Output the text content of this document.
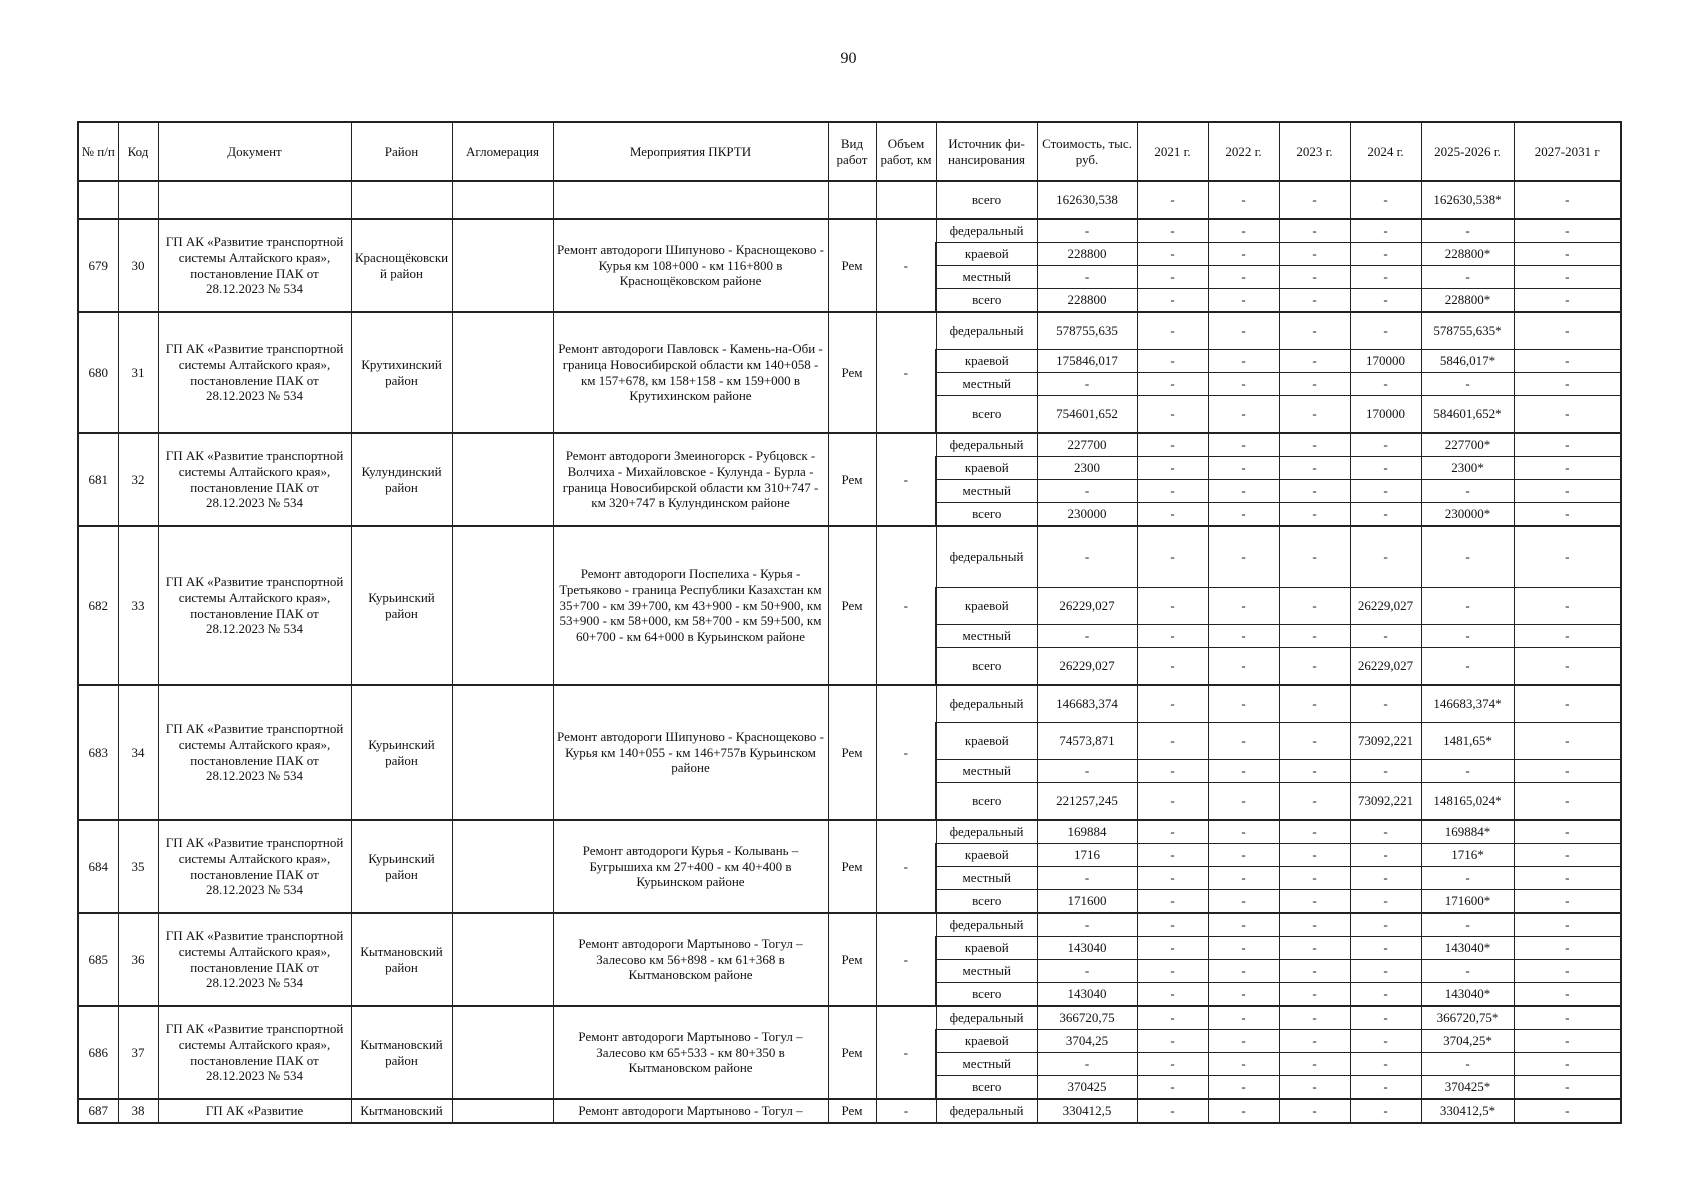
90
№ п/п	Код	Документ	Район	Агломерация	Мероприятия ПКРТИ	Вид работ	Объем работ, км	Источник фи-нансирования	Стоимость, тыс. руб.	2021 г.	2022 г.	2023 г.	2024 г.	2025-2026 г.	2027-2031 г
								всего	162630,538	-	-	-	-	162630,538*	-
679	30	ГП АК «Развитие транспортной системы Алтайского края», постановление ПАК от 28.12.2023 № 534	Краснощёковский район		Ремонт автодороги Шипуново - Краснощеково - Курья км 108+000 - км 116+800 в Краснощёковском районе	Рем	-	федеральный	-	-	-	-	-	-	-
								краевой	228800	-	-	-	-	228800*	-
								местный	-	-	-	-	-	-	-
								всего	228800	-	-	-	-	228800*	-
680	31	ГП АК «Развитие транспортной системы Алтайского края», постановление ПАК от 28.12.2023 № 534	Крутихинский район		Ремонт автодороги Павловск - Камень-на-Оби - граница Новосибирской области км 140+058 - км 157+678, км 158+158 - км 159+000 в Крутихинском районе	Рем	-	федеральный	578755,635	-	-	-	-	578755,635*	-
								краевой	175846,017	-	-	-	170000	5846,017*	-
								местный	-	-	-	-	-	-	-
								всего	754601,652	-	-	-	170000	584601,652*	-
681	32	ГП АК «Развитие транспортной системы Алтайского края», постановление ПАК от 28.12.2023 № 534	Кулундинский район		Ремонт автодороги Змеиногорск - Рубцовск - Волчиха - Михайловское - Кулунда - Бурла - граница Новосибирской области км 310+747 - км 320+747 в Кулундинском районе	Рем	-	федеральный	227700	-	-	-	-	227700*	-
								краевой	2300	-	-	-	-	2300*	-
								местный	-	-	-	-	-	-	-
								всего	230000	-	-	-	-	230000*	-
682	33	ГП АК «Развитие транспортной системы Алтайского края», постановление ПАК от 28.12.2023 № 534	Курьинский район		Ремонт автодороги Поспелиха - Курья - Третьяково - граница Республики Казахстан км 35+700 - км 39+700, км 43+900 - км 50+900, км 53+900 - км 58+000, км 58+700 - км 59+500, км 60+700 - км 64+000 в Курьинском районе	Рем	-	федеральный	-	-	-	-	-	-	-
								краевой	26229,027	-	-	-	26229,027	-	-
								местный	-	-	-	-	-	-	-
								всего	26229,027	-	-	-	26229,027	-	-
683	34	ГП АК «Развитие транспортной системы Алтайского края», постановление ПАК от 28.12.2023 № 534	Курьинский район		Ремонт автодороги Шипуново - Краснощеково - Курья км 140+055 - км 146+757в Курьинском районе	Рем	-	федеральный	146683,374	-	-	-	-	146683,374*	-
								краевой	74573,871	-	-	-	73092,221	1481,65*	-
								местный	-	-	-	-	-	-	-
								всего	221257,245	-	-	-	73092,221	148165,024*	-
684	35	ГП АК «Развитие транспортной системы Алтайского края», постановление ПАК от 28.12.2023 № 534	Курьинский район		Ремонт автодороги Курья - Колывань – Бугрышиха км 27+400 - км 40+400 в Курьинском районе	Рем	-	федеральный	169884	-	-	-	-	169884*	-
								краевой	1716	-	-	-	-	1716*	-
								местный	-	-	-	-	-	-	-
								всего	171600	-	-	-	-	171600*	-
685	36	ГП АК «Развитие транспортной системы Алтайского края», постановление ПАК от 28.12.2023 № 534	Кытмановский район		Ремонт автодороги Мартыново - Тогул – Залесово км 56+898 - км 61+368 в Кытмановском районе	Рем	-	федеральный	-	-	-	-	-	-	-
								краевой	143040	-	-	-	-	143040*	-
								местный	-	-	-	-	-	-	-
								всего	143040	-	-	-	-	143040*	-
686	37	ГП АК «Развитие транспортной системы Алтайского края», постановление ПАК от 28.12.2023 № 534	Кытмановский район		Ремонт автодороги Мартыново - Тогул – Залесово км 65+533 - км 80+350 в Кытмановском районе	Рем	-	федеральный	366720,75	-	-	-	-	366720,75*	-
								краевой	3704,25	-	-	-	-	3704,25*	-
								местный	-	-	-	-	-	-	-
								всего	370425	-	-	-	-	370425*	-
687	38	ГП АК «Развитие	Кытмановский		Ремонт автодороги Мартыново - Тогул –	Рем	-	федеральный	330412,5	-	-	-	-	330412,5*	-
